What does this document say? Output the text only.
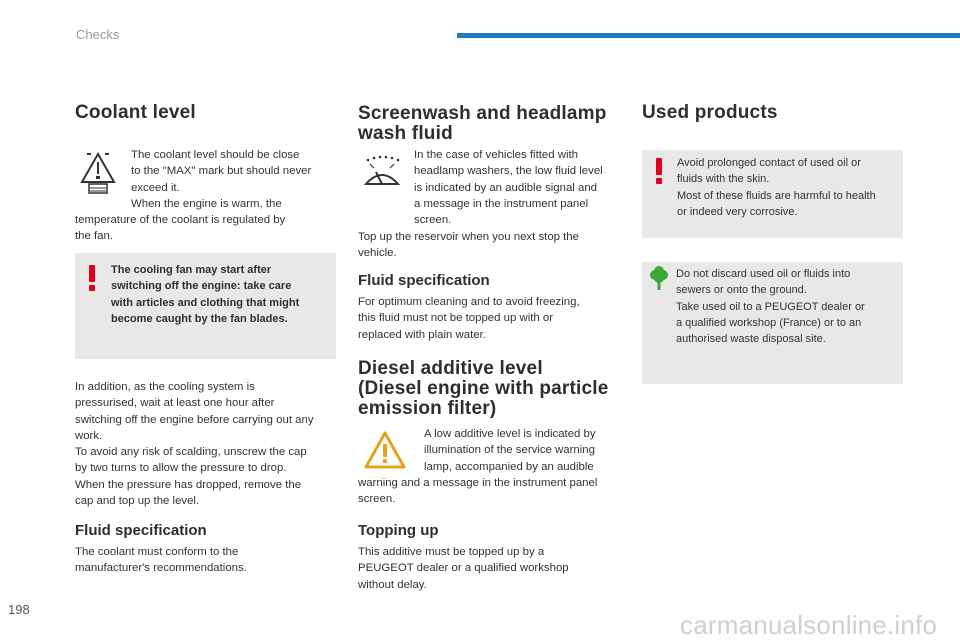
Checks
Coolant level

The coolant level should be close

to the "MAX" mark but should never

exceed it.

When the engine is warm, the

temperature of the coolant is regulated by

the fan.

The cooling fan may start after

switching off the engine: take care

with articles and clothing that might

become caught by the fan blades.

In addition, as the cooling system is

pressurised, wait at least one hour after

switching off the engine before carrying out any

work.

To avoid any risk of scalding, unscrew the cap

by two turns to allow the pressure to drop.

When the pressure has dropped, remove the

cap and top up the level.

Fluid specification

The coolant must conform to the

manufacturer's recommendations.

Screenwash and headlamp
wash fluid

In the case of vehicles fitted with

headlamp washers, the low fluid level

is indicated by an audible signal and

a message in the instrument panel

screen.

Top up the reservoir when you next stop the

vehicle.

Fluid specification

For optimum cleaning and to avoid freezing,

this fluid must not be topped up with or

replaced with plain water.

Diesel additive level
(Diesel engine with particle
emission filter)

A low additive level is indicated by

illumination of the service warning

lamp, accompanied by an audible

warning and a message in the instrument panel

screen.

Topping up

This additive must be topped up by a

PEUGEOT dealer or a qualified workshop

without delay.

Used products

Avoid prolonged contact of used oil or

fluids with the skin.

Most of these fluids are harmful to health

or indeed very corrosive.

Do not discard used oil or fluids into

sewers or onto the ground.

Take used oil to a PEUGEOT dealer or

a qualified workshop (France) or to an

authorised waste disposal site.

198
carmanualsonline.info
